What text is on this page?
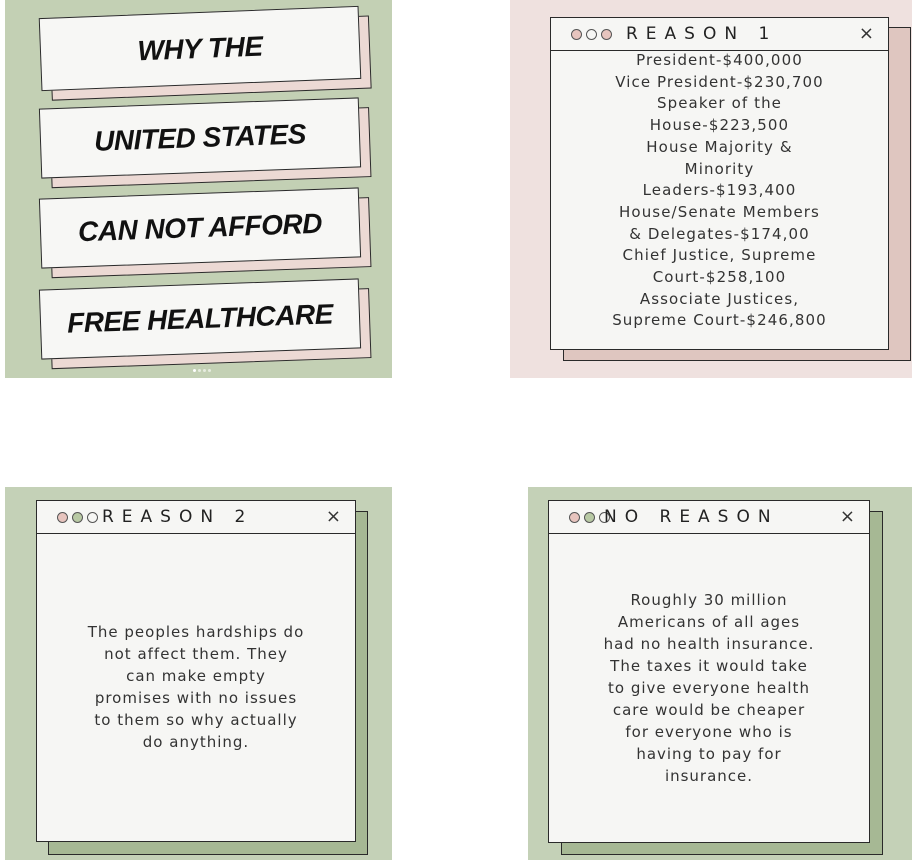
WHY THE
UNITED STATES
CAN NOT AFFORD
FREE HEALTHCARE
REASON 1	×

President-$400,000
Vice President-$230,700
Speaker of the
House-$223,500
House Majority &
Minority
Leaders-$193,400
House/Senate Members
& Delegates-$174,00
Chief Justice, Supreme
Court-$258,100
Associate Justices,
Supreme Court-$246,800

REASON 2	×

The peoples hardships do
not affect them. They
can make empty
promises with no issues
to them so why actually
do anything.

NO REASON	×

Roughly 30 million
Americans of all ages
had no health insurance.
The taxes it would take
to give everyone health
care would be cheaper
for everyone who is
having to pay for
insurance.
